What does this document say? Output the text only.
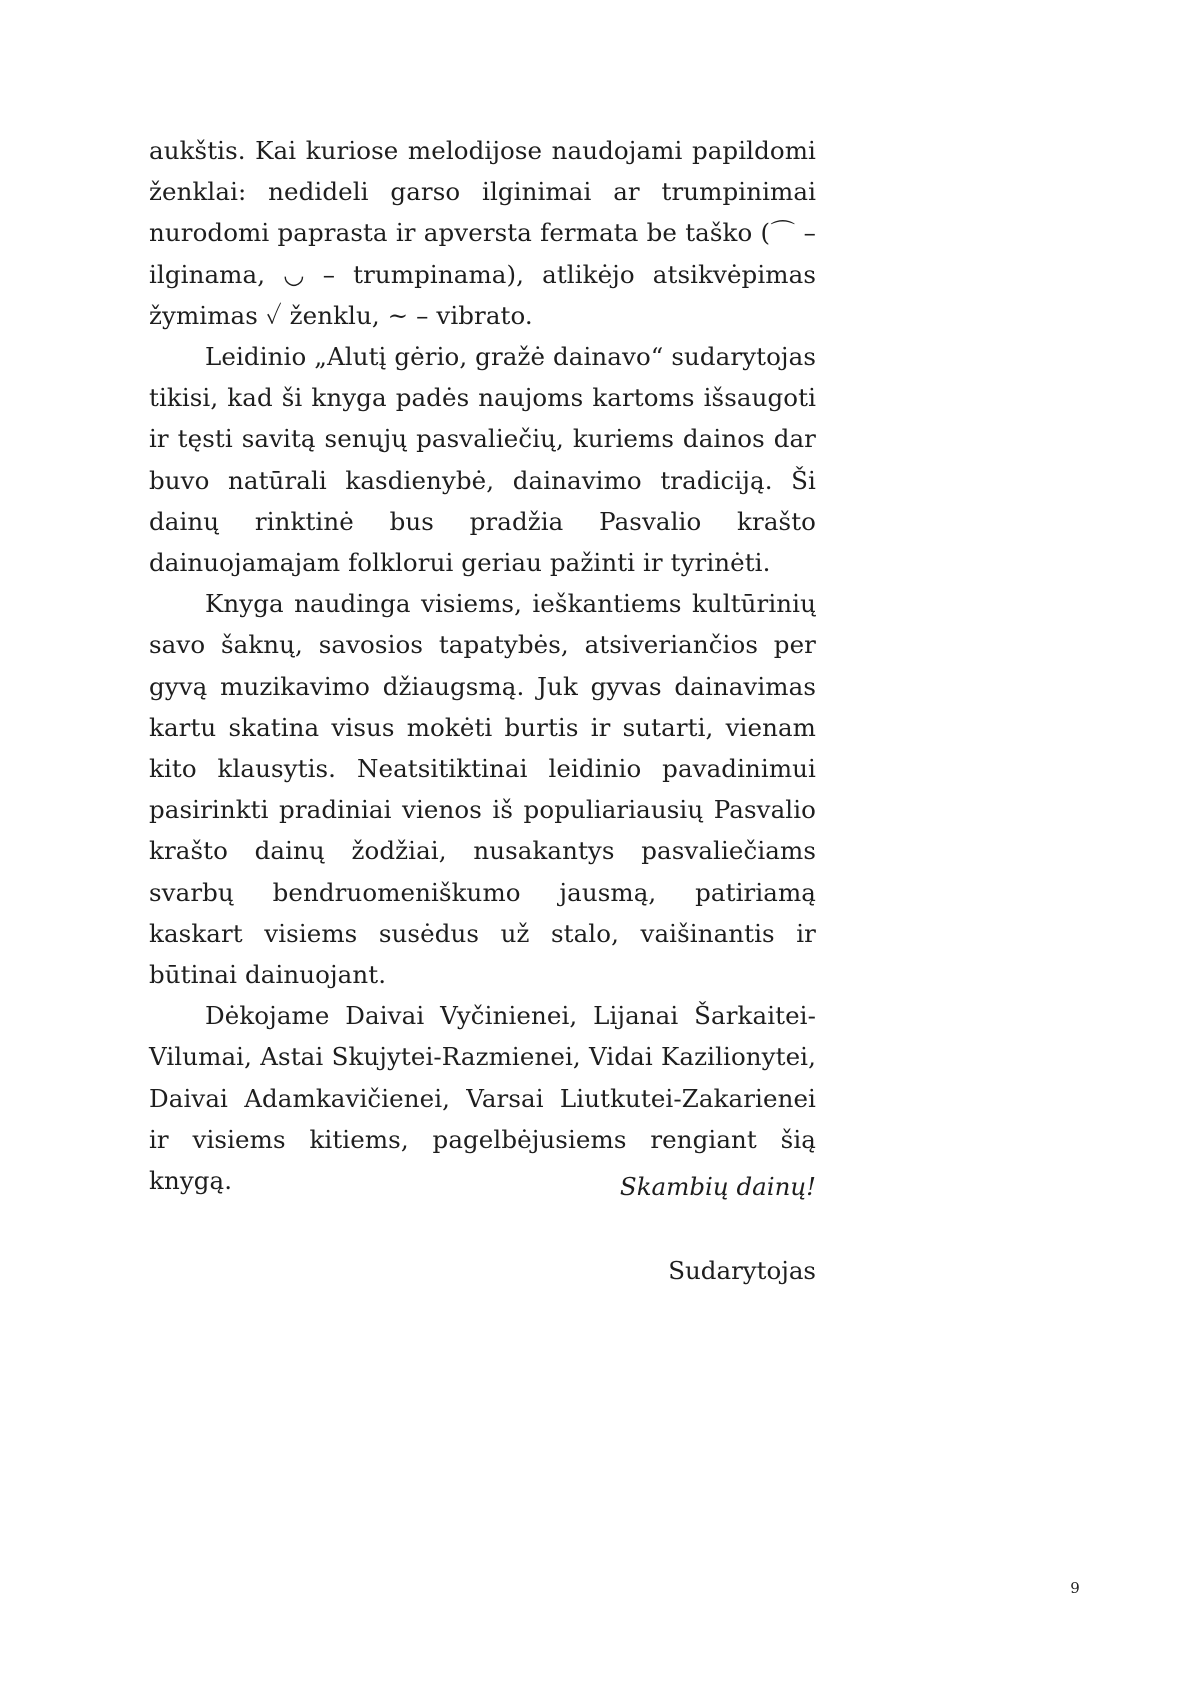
aukštis. Kai kuriose melodijose naudojami papildomi ženklai: nedideli garso ilginimai ar trumpinimai nurodomi paprasta ir apversta fermata be taško (⌒ – ilginama, ◡ – trumpinama), atlikėjo atsikvėpimas žymimas ✓ ženklu, ~ – vibrato.

Leidinio „Alutį gėrio, gražė dainavo“ sudarytojas tikisi, kad ši knyga padės naujoms kartoms išsaugoti ir tęsti savitą senųjų pasvaliečių, kuriems dainos dar buvo natūrali kasdienybė, dainavimo tradiciją. Ši dainų rinktinė bus pradžia Pasvalio krašto dainuojamajam folklorui geriau pažinti ir tyrinėti.

Knyga naudinga visiems, ieškantiems kultūrinių savo šaknų, savosios tapatybės, atsiveriančios per gyvą muzikavimo džiaugsmą. Juk gyvas dainavimas kartu skatina visus mokėti burtis ir sutarti, vienam kito klausytis. Neatsitiktinai leidinio pavadinimui pasirinkti pradiniai vienos iš populiariausių Pasvalio krašto dainų žodžiai, nusakantys pasvaliečiams svarbų bendruomeniškumo jausmą, patiriamą kaskart visiems susėdus už stalo, vaišinantis ir būtinai dainuojant.

Dėkojame Daivai Vyčinienei, Lijanai Šarkaitei-Vilumai, Astai Skujytei-Razmienei, Vidai Kazilionytei, Daivai Adamkavičienei, Varsai Liutkutei-Zakarienei ir visiems kitiems, pagelbėjusiems rengiant šią knygą.	Skambių dainų!
Sudarytojas
9
